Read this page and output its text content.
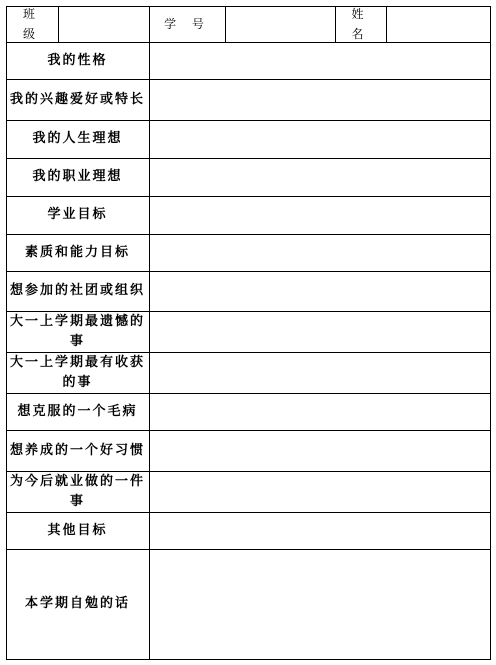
班 级
学 号
姓 名
我的性格
我的兴趣爱好或特长
我的人生理想
我的职业理想
学业目标
素质和能力目标
想参加的社团或组织
大一上学期最遗憾的事
大一上学期最有收获的事
想克服的一个毛病
想养成的一个好习惯
为今后就业做的一件事
其他目标
本学期自勉的话
